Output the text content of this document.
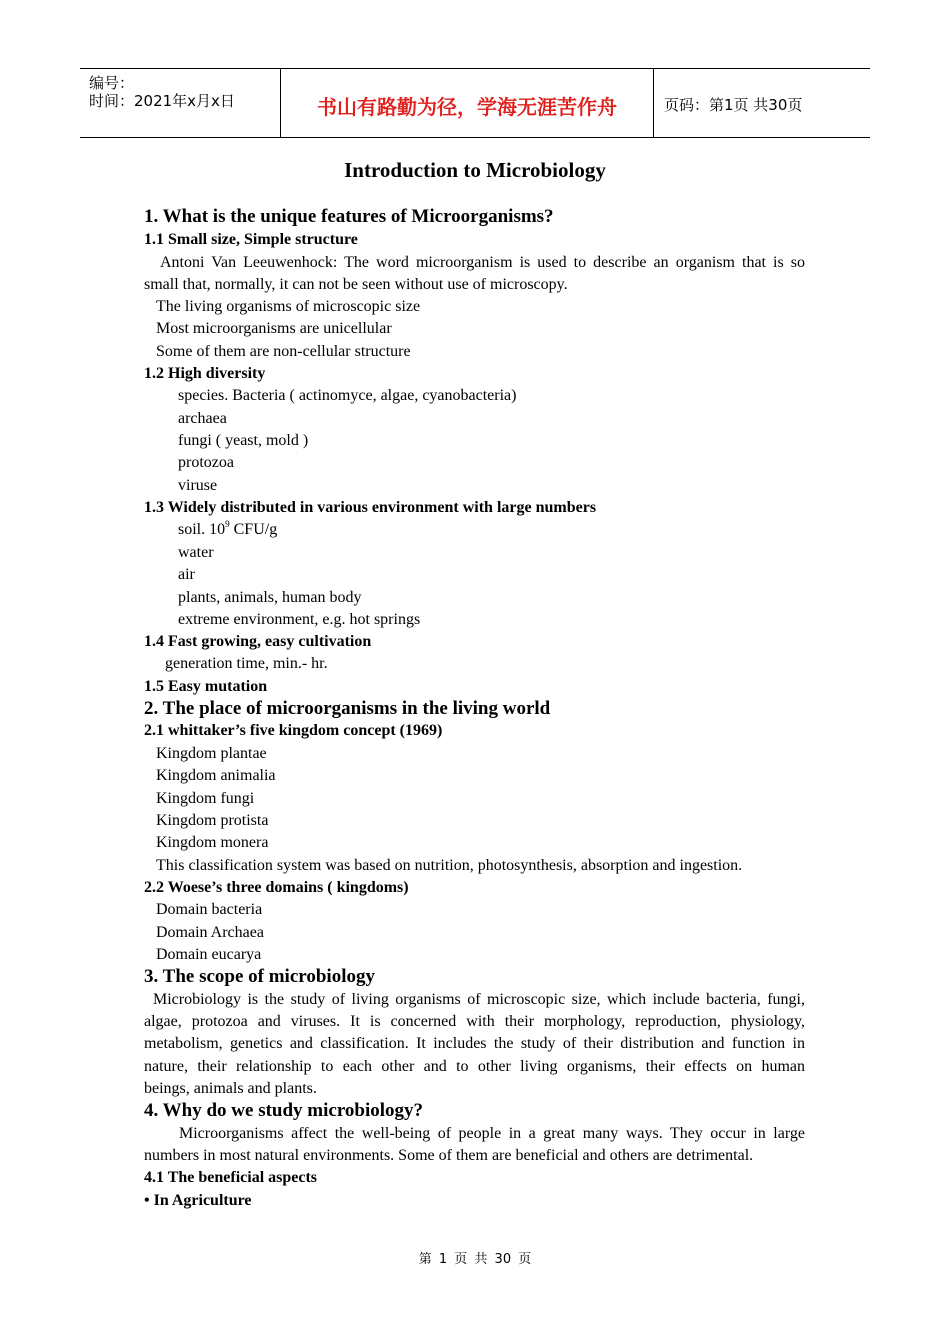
编号：
时间：2021年x月x日	书山有路勤为径，学海无涯苦作舟	页码：第1页 共30页
Introduction to Microbiology
1. What is the unique features of Microorganisms?
1.1 Small size, Simple structure
Antoni Van Leeuwenhock: The word microorganism is used to describe an organism that is so
small that, normally, it can not be seen without use of microscopy.
The living organisms of microscopic size
Most microorganisms are unicellular
Some of them are non-cellular structure
1.2 High diversity
species. Bacteria ( actinomyce, algae, cyanobacteria)
archaea
fungi ( yeast, mold )
protozoa
viruse
1.3 Widely distributed in various environment with large numbers
soil. $10^9$ CFU/g
water
air
plants, animals, human body
extreme environment, e.g. hot springs
1.4 Fast growing, easy cultivation
generation time, min.- hr.
1.5 Easy mutation
2. The place of microorganisms in the living world
2.1 whittaker’s five kingdom concept (1969)
Kingdom plantae
Kingdom animalia
Kingdom fungi
Kingdom protista
Kingdom monera
This classification system was based on nutrition, photosynthesis, absorption and ingestion.
2.2 Woese’s three domains ( kingdoms)
Domain bacteria
Domain Archaea
Domain eucarya
3. The scope of microbiology
Microbiology is the study of living organisms of microscopic size, which include bacteria, fungi,
algae, protozoa and viruses. It is concerned with their morphology, reproduction, physiology,
metabolism, genetics and classification. It includes the study of their distribution and function in
nature, their relationship to each other and to other living organisms, their effects on human
beings, animals and plants.
4. Why do we study microbiology?
Microorganisms affect the well-being of people in a great many ways. They occur in large
numbers in most natural environments. Some of them are beneficial and others are detrimental.
4.1 The beneficial aspects
• In Agriculture
第 1 页 共 30 页
